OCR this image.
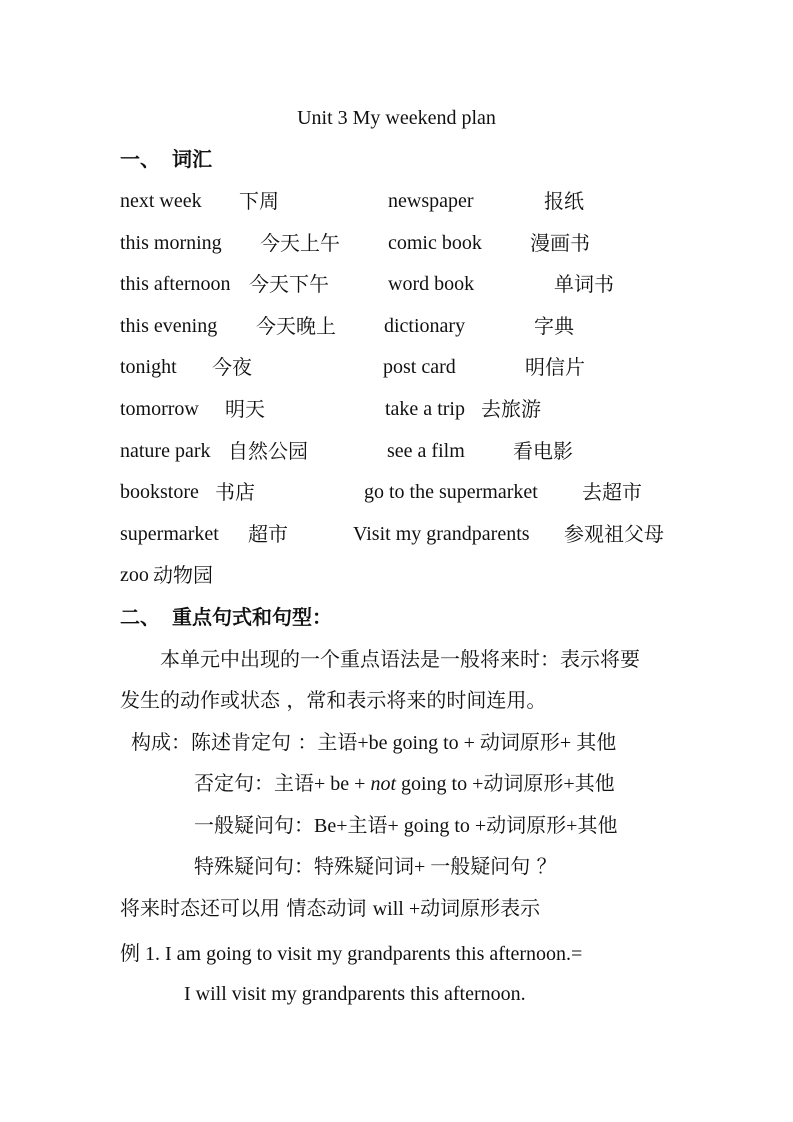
Unit 3 My weekend plan
一、 词汇
next week 下周	newspaper	报纸
this morning 今天上午 comic book 漫画书
this afternoon 今天下午	word book	单词书
this evening 今天晚上 dictionary	字典
tonight 今夜	post card	明信片
tomorrow 明天	take a trip 去旅游
nature park 自然公园	see a film 看电影
bookstore 书店	go to the supermarket 去超市
supermarket 超市	Visit my grandparents 参观祖父母
zoo 动物园
二、 重点句式和句型：
本单元中出现的一个重点语法是一般将来时：表示将要
发生的动作或状态 ，常和表示将来的时间连用。
构成：陈述肯定句 ：主语+be going to + 动词原形+ 其他
否定句：主语+ be + not going to +动词原形+其他
一般疑问句：Be+主语+ going to +动词原形+其他
特殊疑问句：特殊疑问词+ 一般疑问句 ？
将来时态还可以用 情态动词 will +动词原形表示
例 1. I am going to visit my grandparents this afternoon.=
I will visit my grandparents this afternoon.
